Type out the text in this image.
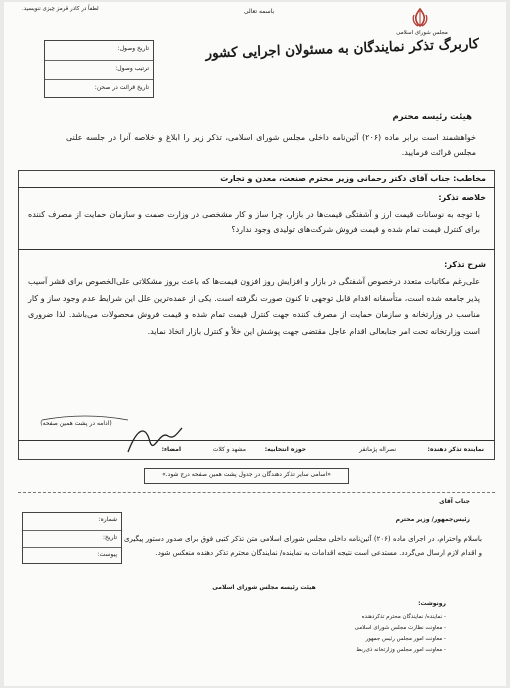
باسمه تعالی
لطفاً در کادر قرمز چیزی ننویسید.
مجلس شورای اسلامی
کاربرگ تذکر نمایندگان به مسئولان اجرایی کشور
تاریخ وصول:
ترتیب وصول:
تاریخ قرائت در صحن:
هیئت رئیسه محترم
خواهشمند است برابر ماده (۲۰۶) آئین‌نامه داخلی مجلس شورای اسلامی، تذکر زیر را ابلاغ و خلاصه آنرا در جلسه علنی مجلس قرائت فرمایید.
مخاطب: جناب آقای دکتر رحمانی وزیر محترم صنعت، معدن و تجارت
خلاصه تذکر:
با توجه به نوسانات قیمت ارز و آشفتگی قیمت‌ها در بازار، چرا ساز و کار مشخصی در وزارت صمت و سازمان حمایت از مصرف کننده برای کنترل قیمت تمام شده و قیمت فروش شرکت‌های تولیدی وجود ندارد؟
شرح تذکر:
علی‌رغم مکاتبات متعدد درخصوص آشفتگی در بازار و افزایش روز افزون قیمت‌ها که باعث بروز مشکلاتی علی‌الخصوص برای قشر آسیب پذیر جامعه شده است، متأسفانه اقدام قابل توجهی تا کنون صورت نگرفته است. یکی از عمده‌ترین علل این شرایط عدم وجود ساز و کار مناسب در وزارتخانه و سازمان حمایت از مصرف کننده جهت کنترل قیمت تمام شده و قیمت فروش محصولات می‌باشد. لذا ضروری است وزارتخانه تحت امر جنابعالی اقدام عاجل مقتضی جهت پوشش این خلأ و کنترل بازار اتخاذ نماید.
(ادامه در پشت همین صفحه)
نماینده تذکر دهنده:
نصراله پژمانفر
حوزه انتخابیه:
مشهد و کلات
امضاء:
«اسامی سایر تذکر دهندگان در جدول پشت همین صفحه درج شود.»
جناب آقای
رئیس‌جمهور/ وزیر محترم
شماره:
تاریخ:
پیوست:
باسلام واحترام، در اجرای ماده (۲۰۶) آئین‌نامه داخلی مجلس شورای اسلامی متن تذکر کتبی فوق برای صدور دستور پیگیری و اقدام لازم ارسال می‌گردد. مستدعی است نتیجه اقدامات به نماینده/ نمایندگان محترم تذکر دهنده منعکس شود.
هیئت رئیسه مجلس شورای اسلامی
رونوشت:
- نماینده/ نمایندگان محترم تذکردهنده
- معاونت نظارت مجلس شورای اسلامی
- معاونت امور مجلس رئیس جمهور
- معاونت امور مجلس وزارتخانه ذی‌ربط
